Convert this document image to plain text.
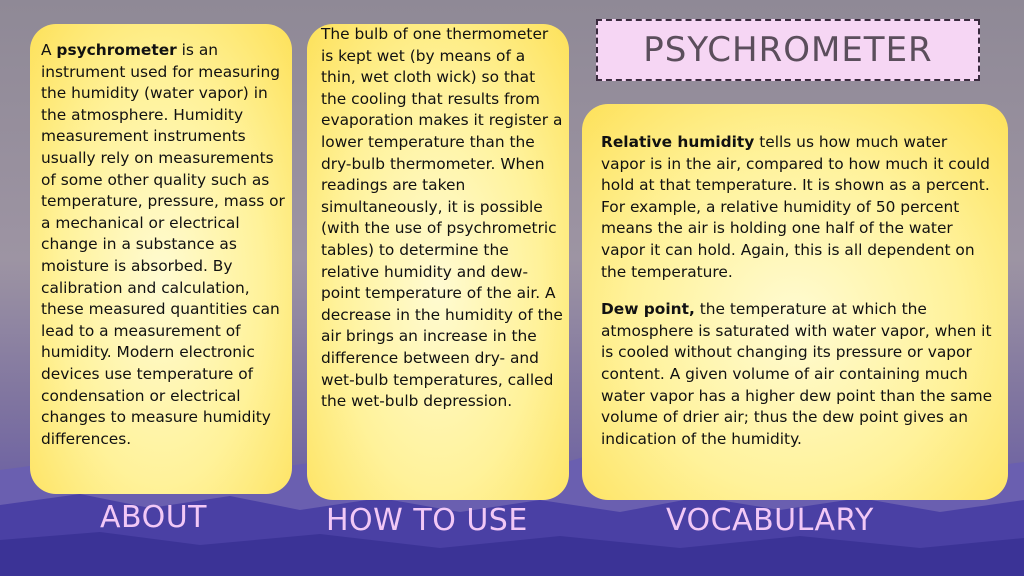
PSYCHROMETER
A psychrometer is an instrument used for measuring the humidity (water vapor) in the atmosphere. Humidity measurement instruments usually rely on measurements of some other quality such as temperature, pressure, mass or a mechanical or electrical change in a substance as moisture is absorbed. By calibration and calculation, these measured quantities can lead to a measurement of humidity. Modern electronic devices use temperature of condensation or electrical changes to measure humidity differences.
The bulb of one thermometer is kept wet (by means of a thin, wet cloth wick) so that the cooling that results from evaporation makes it register a lower temperature than the dry-bulb thermometer. When readings are taken simultaneously, it is possible (with the use of psychrometric tables) to determine the relative humidity and dew-point temperature of the air. A decrease in the humidity of the air brings an increase in the difference between dry- and wet-bulb temperatures, called the wet-bulb depression.

Relative humidity tells us how much water vapor is in the air, compared to how much it could hold at that temperature. It is shown as a percent. For example, a relative humidity of 50 percent means the air is holding one half of the water vapor it can hold. Again, this is all dependent on the temperature.

Dew point, the temperature at which the atmosphere is saturated with water vapor, when it is cooled without changing its pressure or vapor content. A given volume of air containing much water vapor has a higher dew point than the same volume of drier air; thus the dew point gives an indication of the humidity.

ABOUT	HOW TO USE	VOCABULARY
